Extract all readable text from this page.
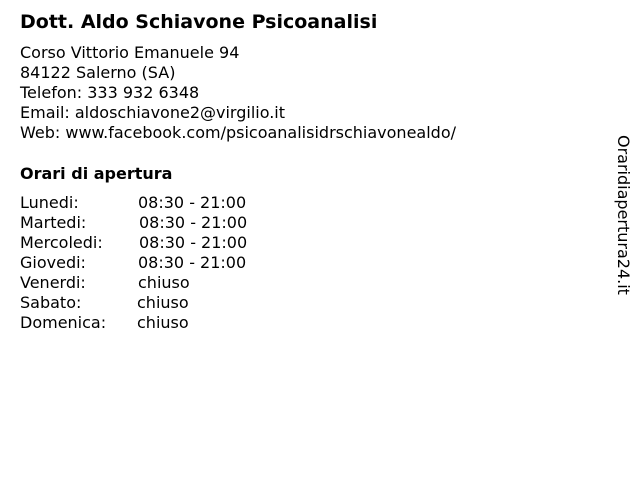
Dott. Aldo Schiavone Psicoanalisi
Corso Vittorio Emanuele 94
84122 Salerno (SA)
Telefon: 333 932 6348
Email: aldoschiavone2@virgilio.it
Web: www.facebook.com/psicoanalisidrschiavonealdo/
Orari di apertura
Lunedi:	08:30 - 21:00
Martedi:	08:30 - 21:00
Mercoledi: 08:30 - 21:00
Giovedi:	08:30 - 21:00
Venerdi:	chiuso
Sabato:	chiuso
Domenica: chiuso
Oraridiapertura24.it
